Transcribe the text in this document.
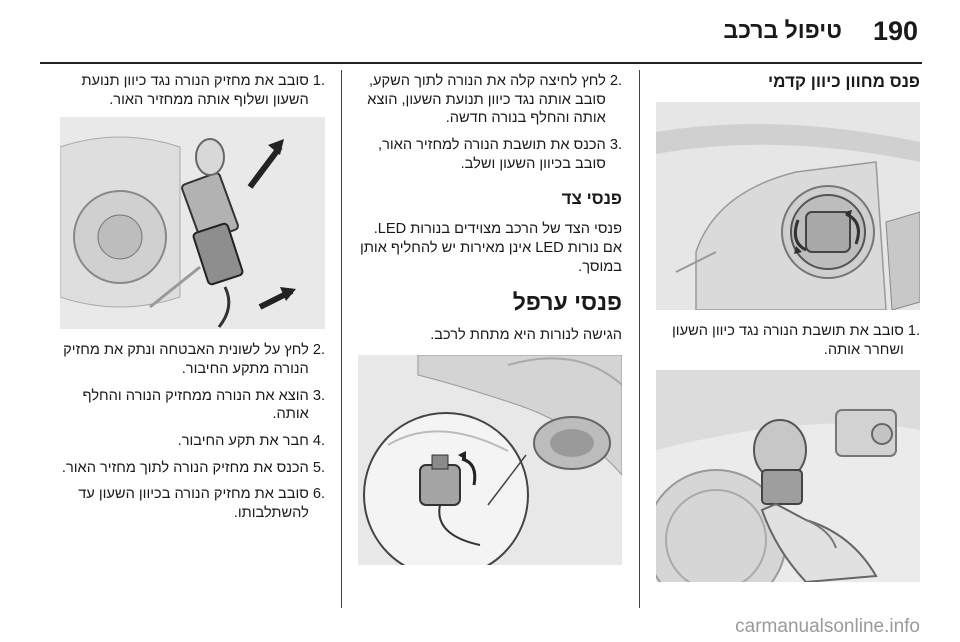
190
טיפול ברכב
פנס מחוון כיוון קדמי
.1
סובב את תושבת הנורה נגד כיוון השעון ושחרר אותה.
.2
לחץ לחיצה קלה את הנורה לתוך השקע, סובב אותה נגד כיוון תנועת השעון, הוצא אותה והחלף בנורה חדשה.
.3
הכנס את תושבת הנורה למחזיר האור, סובב בכיוון השעון ושלב.
פנסי צד

פנסי הצד של הרכב מצוידים בנורות LED. אם נורות LED אינן מאירות יש להחליף אותן במוסך.

פנסי ערפל

הגישה לנורות היא מתחת לרכב.

.1
סובב את מחזיק הנורה נגד כיוון תנועת השעון ושלוף אותה ממחזיר האור.
.2
לחץ על לשונית האבטחה ונתק את מחזיק הנורה מתקע החיבור.
.3
הוצא את הנורה ממחזיק הנורה והחלף אותה.
.4
חבר את תקע החיבור.
.5
הכנס את מחזיק הנורה לתוך מחזיר האור.
.6
סובב את מחזיק הנורה בכיוון השעון עד להשתלבותו.
carmanualsonline.info
